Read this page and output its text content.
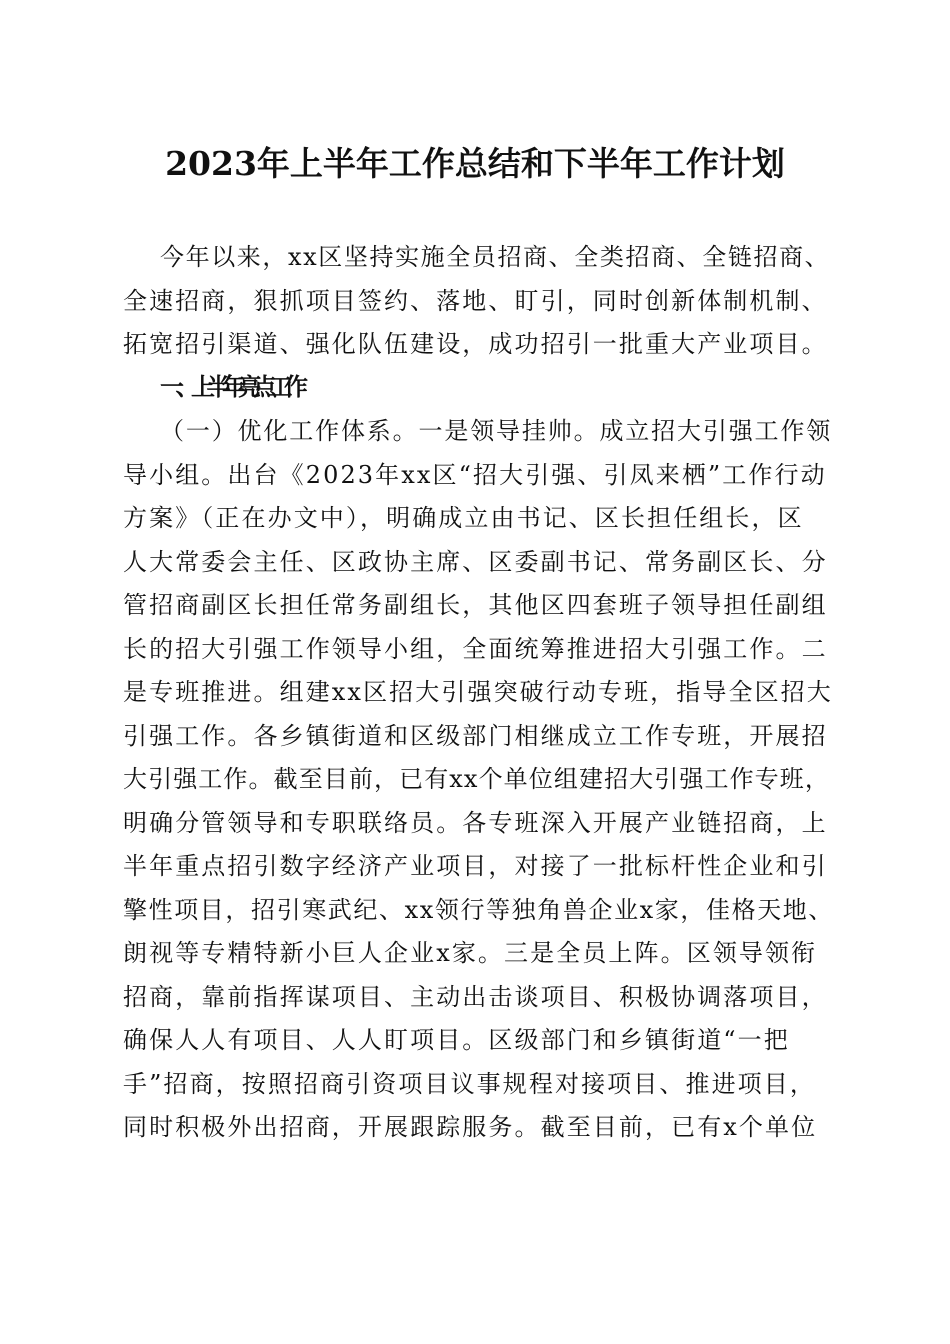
2023年上半年工作总结和下半年工作计划

今年以来，xx区坚持实施全员招商、全类招商、全链招商、

全速招商，狠抓项目签约、落地、盯引，同时创新体制机制、

拓宽招引渠道、强化队伍建设，成功招引一批重大产业项目。

一、上半年亮点工作

（一）优化工作体系。一是领导挂帅。成立招大引强工作领

导小组。出台《2023年xx区“招大引强、引凤来栖”工作行动

方案》（正在办文中），明确成立由书记、区长担任组长，区

人大常委会主任、区政协主席、区委副书记、常务副区长、分

管招商副区长担任常务副组长，其他区四套班子领导担任副组

长的招大引强工作领导小组，全面统筹推进招大引强工作。二

是专班推进。组建xx区招大引强突破行动专班，指导全区招大

引强工作。各乡镇街道和区级部门相继成立工作专班，开展招

大引强工作。截至目前，已有xx个单位组建招大引强工作专班，

明确分管领导和专职联络员。各专班深入开展产业链招商，上

半年重点招引数字经济产业项目，对接了一批标杆性企业和引

擎性项目，招引寒武纪、xx领行等独角兽企业x家，佳格天地、

朗视等专精特新小巨人企业x家。三是全员上阵。区领导领衔

招商，靠前指挥谋项目、主动出击谈项目、积极协调落项目，

确保人人有项目、人人盯项目。区级部门和乡镇街道“一把

手”招商，按照招商引资项目议事规程对接项目、推进项目，

同时积极外出招商，开展跟踪服务。截至目前，已有x个单位
